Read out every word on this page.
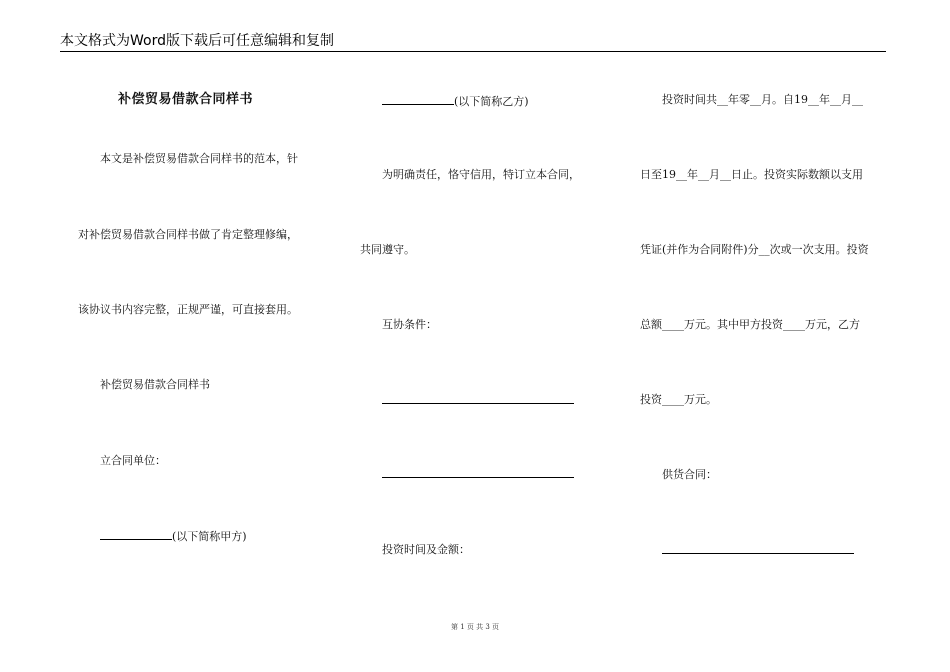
本文格式为Word版下载后可任意编辑和复制
补偿贸易借款合同样书
本文是补偿贸易借款合同样书的范本，针
对补偿贸易借款合同样书做了肯定整理修编，
该协议书内容完整，正规严谨，可直接套用。
补偿贸易借款合同样书
立合同单位：
(以下简称甲方)
(以下简称乙方)
为明确责任，恪守信用，特订立本合同，
共同遵守。
互协条件：
投资时间及金额：
投资时间共__年零__月。自19__年__月__
日至19__年__月__日止。投资实际数额以支用
凭证(并作为合同附件)分__次或一次支用。投资
总额____万元。其中甲方投资____万元，乙方
投资____万元。
供货合同：
第 1 页 共 3 页
